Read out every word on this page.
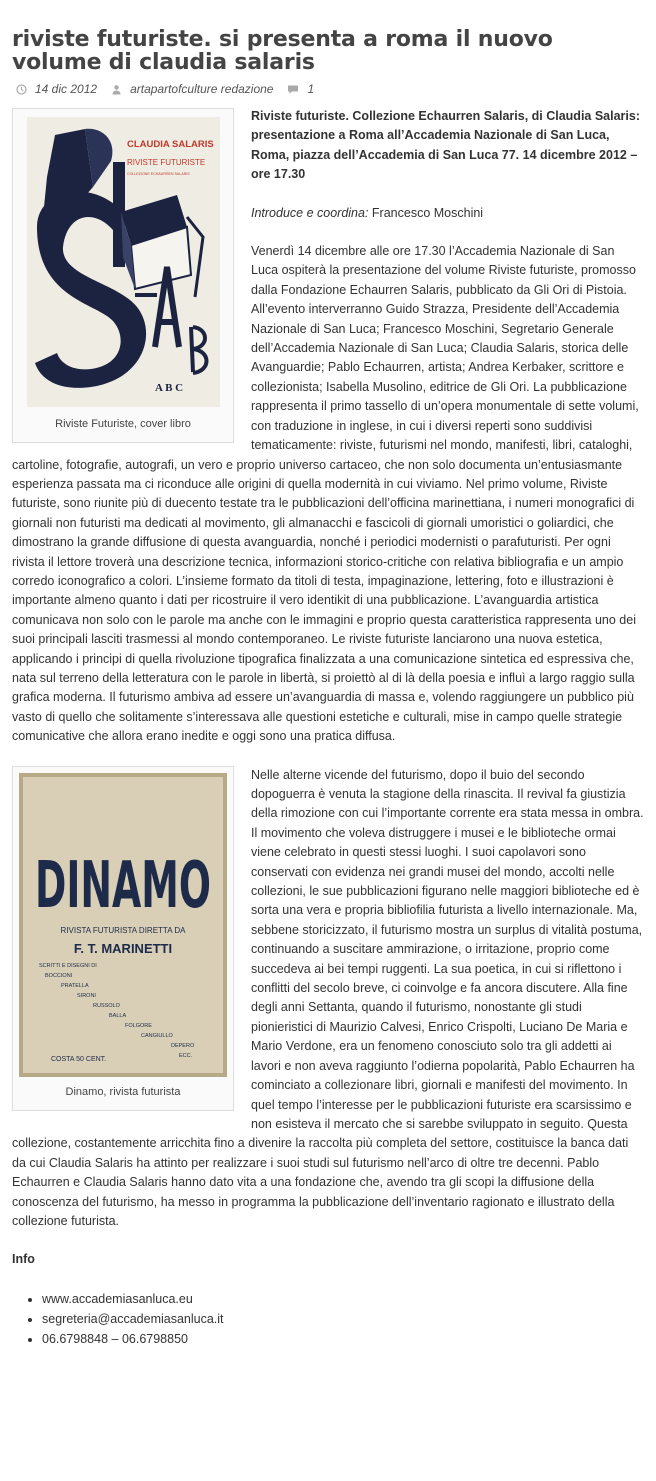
riviste futuriste. si presenta a roma il nuovo volume di claudia salaris
14 dic 2012	artapartofculture redazione	1
CLAUDIA SALARIS
RIVISTE FUTURISTE
COLLEZIONE ECHAURREN SALARIS
A B C
Riviste Futuriste, cover libro

Riviste futuriste. Collezione Echaurren Salaris, di Claudia Salaris: presentazione a Roma all’Accademia Nazionale di San Luca, Roma, piazza dell’Accademia di San Luca 77. 14 dicembre 2012 – ore 17.30

Introduce e coordina: Francesco Moschini

Venerdì 14 dicembre alle ore 17.30 l’Accademia Nazionale di San Luca ospiterà la presentazione del volume Riviste futuriste, promosso dalla Fondazione Echaurren Salaris, pubblicato da Gli Ori di Pistoia. All’evento interverranno Guido Strazza, Presidente dell’Accademia Nazionale di San Luca; Francesco Moschini, Segretario Generale dell’Accademia Nazionale di San Luca; Claudia Salaris, storica delle Avanguardie; Pablo Echaurren, artista; Andrea Kerbaker, scrittore e collezionista; Isabella Musolino, editrice de Gli Ori. La pubblicazione rappresenta il primo tassello di un’opera monumentale di sette volumi, con traduzione in inglese, in cui i diversi reperti sono suddivisi tematicamente: riviste, futurismi nel mondo, manifesti, libri, cataloghi, cartoline, fotografie, autografi, un vero e proprio universo cartaceo, che non solo documenta un’entusiasmante esperienza passata ma ci riconduce alle origini di quella modernità in cui viviamo. Nel primo volume, Riviste futuriste, sono riunite più di duecento testate tra le pubblicazioni dell’officina marinettiana, i numeri monografici di giornali non futuristi ma dedicati al movimento, gli almanacchi e fascicoli di giornali umoristici o goliardici, che dimostrano la grande diffusione di questa avanguardia, nonché i periodici modernisti o parafuturisti. Per ogni rivista il lettore troverà una descrizione tecnica, informazioni storico-critiche con relativa bibliografia e un ampio corredo iconografico a colori. L’insieme formato da titoli di testa, impaginazione, lettering, foto e illustrazioni è importante almeno quanto i dati per ricostruire il vero identikit di una pubblicazione. L’avanguardia artistica comunicava non solo con le parole ma anche con le immagini e proprio questa caratteristica rappresenta uno dei suoi principali lasciti trasmessi al mondo contemporaneo. Le riviste futuriste lanciarono una nuova estetica, applicando i principi di quella rivoluzione tipografica finalizzata a una comunicazione sintetica ed espressiva che, nata sul terreno della letteratura con le parole in libertà, si proiettò al di là della poesia e influì a largo raggio sulla grafica moderna. Il futurismo ambiva ad essere un’avanguardia di massa e, volendo raggiungere un pubblico più vasto di quello che solitamente s’interessava alle questioni estetiche e culturali, mise in campo quelle strategie comunicative che allora erano inedite e oggi sono una pratica diffusa.

DINAMO
RIVISTA FUTURISTA DIRETTA DA
F. T. MARINETTI
SCRITTI E DISEGNI DI
BOCCIONI
PRATELLA
SIRONI
RUSSOLO
BALLA
FOLGORE
CANGIULLO
DEPERO
ECC.
COSTA 50 CENT.
Dinamo, rivista futurista

Nelle alterne vicende del futurismo, dopo il buio del secondo dopoguerra è venuta la stagione della rinascita. Il revival fa giustizia della rimozione con cui l’importante corrente era stata messa in ombra. Il movimento che voleva distruggere i musei e le biblioteche ormai viene celebrato in questi stessi luoghi. I suoi capolavori sono conservati con evidenza nei grandi musei del mondo, accolti nelle collezioni, le sue pubblicazioni figurano nelle maggiori biblioteche ed è sorta una vera e propria bibliofilia futurista a livello internazionale. Ma, sebbene storicizzato, il futurismo mostra un surplus di vitalità postuma, continuando a suscitare ammirazione, o irritazione, proprio come succedeva ai bei tempi ruggenti. La sua poetica, in cui si riflettono i conflitti del secolo breve, ci coinvolge e fa ancora discutere. Alla fine degli anni Settanta, quando il futurismo, nonostante gli studi pionieristici di Maurizio Calvesi, Enrico Crispolti, Luciano De Maria e Mario Verdone, era un fenomeno conosciuto solo tra gli addetti ai lavori e non aveva raggiunto l’odierna popolarità, Pablo Echaurren ha cominciato a collezionare libri, giornali e manifesti del movimento. In quel tempo l’interesse per le pubblicazioni futuriste era scarsissimo e non esisteva il mercato che si sarebbe sviluppato in seguito. Questa collezione, costantemente arricchita fino a divenire la raccolta più completa del settore, costituisce la banca dati da cui Claudia Salaris ha attinto per realizzare i suoi studi sul futurismo nell’arco di oltre tre decenni. Pablo Echaurren e Claudia Salaris hanno dato vita a una fondazione che, avendo tra gli scopi la diffusione della conoscenza del futurismo, ha messo in programma la pubblicazione dell’inventario ragionato e illustrato della collezione futurista.

Info
• www.accademiasanluca.eu
• segreteria@accademiasanluca.it
• 06.6798848 – 06.6798850
